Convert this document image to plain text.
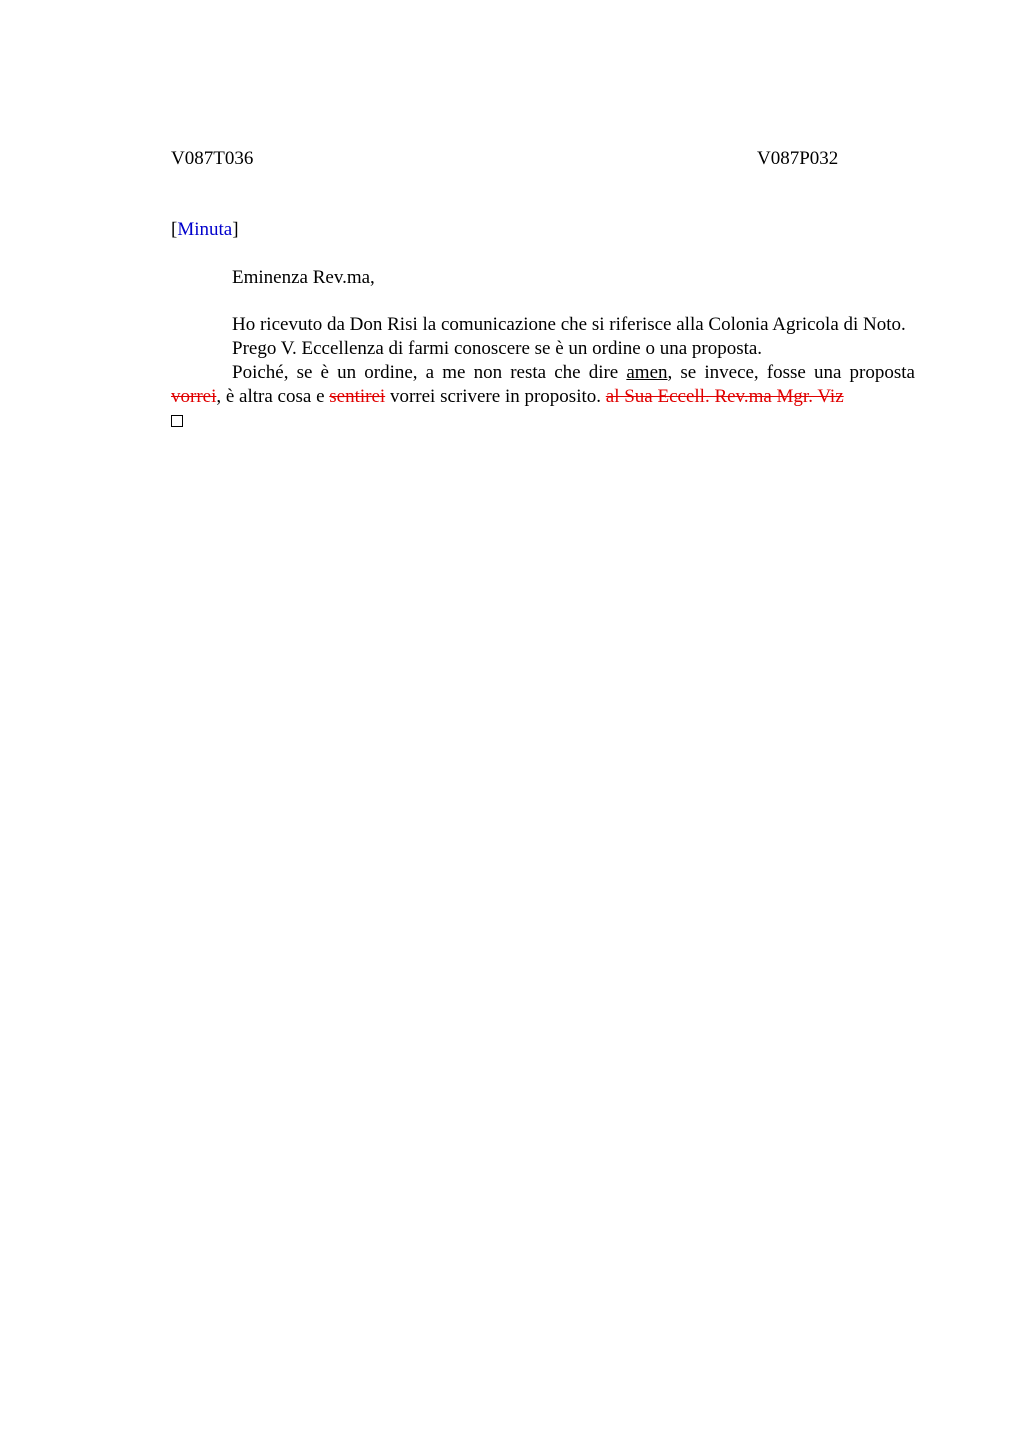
V087T036	V087P032
[Minuta]
Eminenza Rev.ma,

Ho ricevuto da Don Risi la comunicazione che si riferisce alla Colonia Agricola di Noto.

Prego V. Eccellenza di farmi conoscere se è un ordine o una proposta.

Poiché, se è un ordine, a me non resta che dire amen, se invece, fosse una proposta vorrei, è altra cosa e sentirei vorrei scrivere in proposito. al Sua Eccell. Rev.ma Mgr. Viz
